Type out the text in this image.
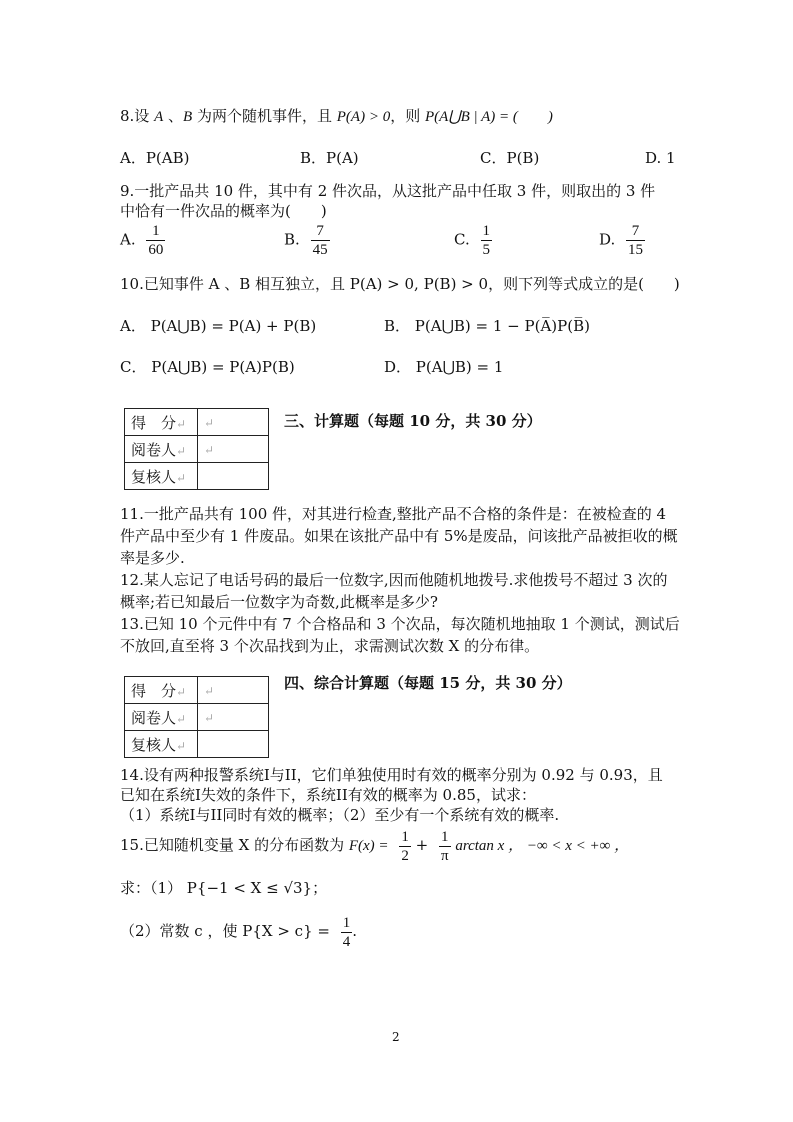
8.设 A 、B 为两个随机事件，且 P(A) > 0，则 P(A⋃B | A) = (　　)
A．P(AB)	B．P(A)	C．P(B)	D. 1
9.一批产品共 10 件，其中有 2 件次品，从这批产品中任取 3 件，则取出的 3 件
中恰有一件次品的概率为(　　)
A. $\frac{1}{60}$	B. $\frac{7}{45}$	C. $\frac{1}{5}$	D. $\frac{7}{15}$
10.已知事件 A 、B 相互独立，且 P(A) > 0, P(B) > 0，则下列等式成立的是(　　)
A． P(A⋃B) = P(A) + P(B)	B． P(A⋃B) = 1 − P(A̅)P(B̅)
C． P(A⋃B) = P(A)P(B)	D． P(A⋃B) = 1
得　分↵	↵
阅卷人↵	↵
复核人↵	
三、计算题（每题 10 分，共 30 分）
11.一批产品共有 100 件，对其进行检查,整批产品不合格的条件是：在被检查的 4 件产品中至少有 1 件废品。如果在该批产品中有 5%是废品，问该批产品被拒收的概率是多少.
12.某人忘记了电话号码的最后一位数字,因而他随机地拨号.求他拨号不超过 3 次的概率;若已知最后一位数字为奇数,此概率是多少?
13.已知 10 个元件中有 7 个合格品和 3 个次品，每次随机地抽取 1 个测试，测试后不放回,直至将 3 个次品找到为止，求需测试次数 X 的分布律。
得　分↵	↵
阅卷人↵	↵
复核人↵	
四、综合计算题（每题 15 分，共 30 分）
14.设有两种报警系统I与II，它们单独使用时有效的概率分别为 0.92 与 0.93，且
已知在系统I失效的条件下，系统II有效的概率为 0.85，试求：
（1）系统I与II同时有效的概率；（2）至少有一个系统有效的概率.
15.已知随机变量 X 的分布函数为 $F(x) = \frac{1}{2} + \frac{1}{\pi}$ arctan x ， −∞ < x < +∞ ，
求：（1） P{−1 < X ≤ √3}；
（2）常数 c ，使 $P\{X > c\} = \frac{1}{4}$ .
2
